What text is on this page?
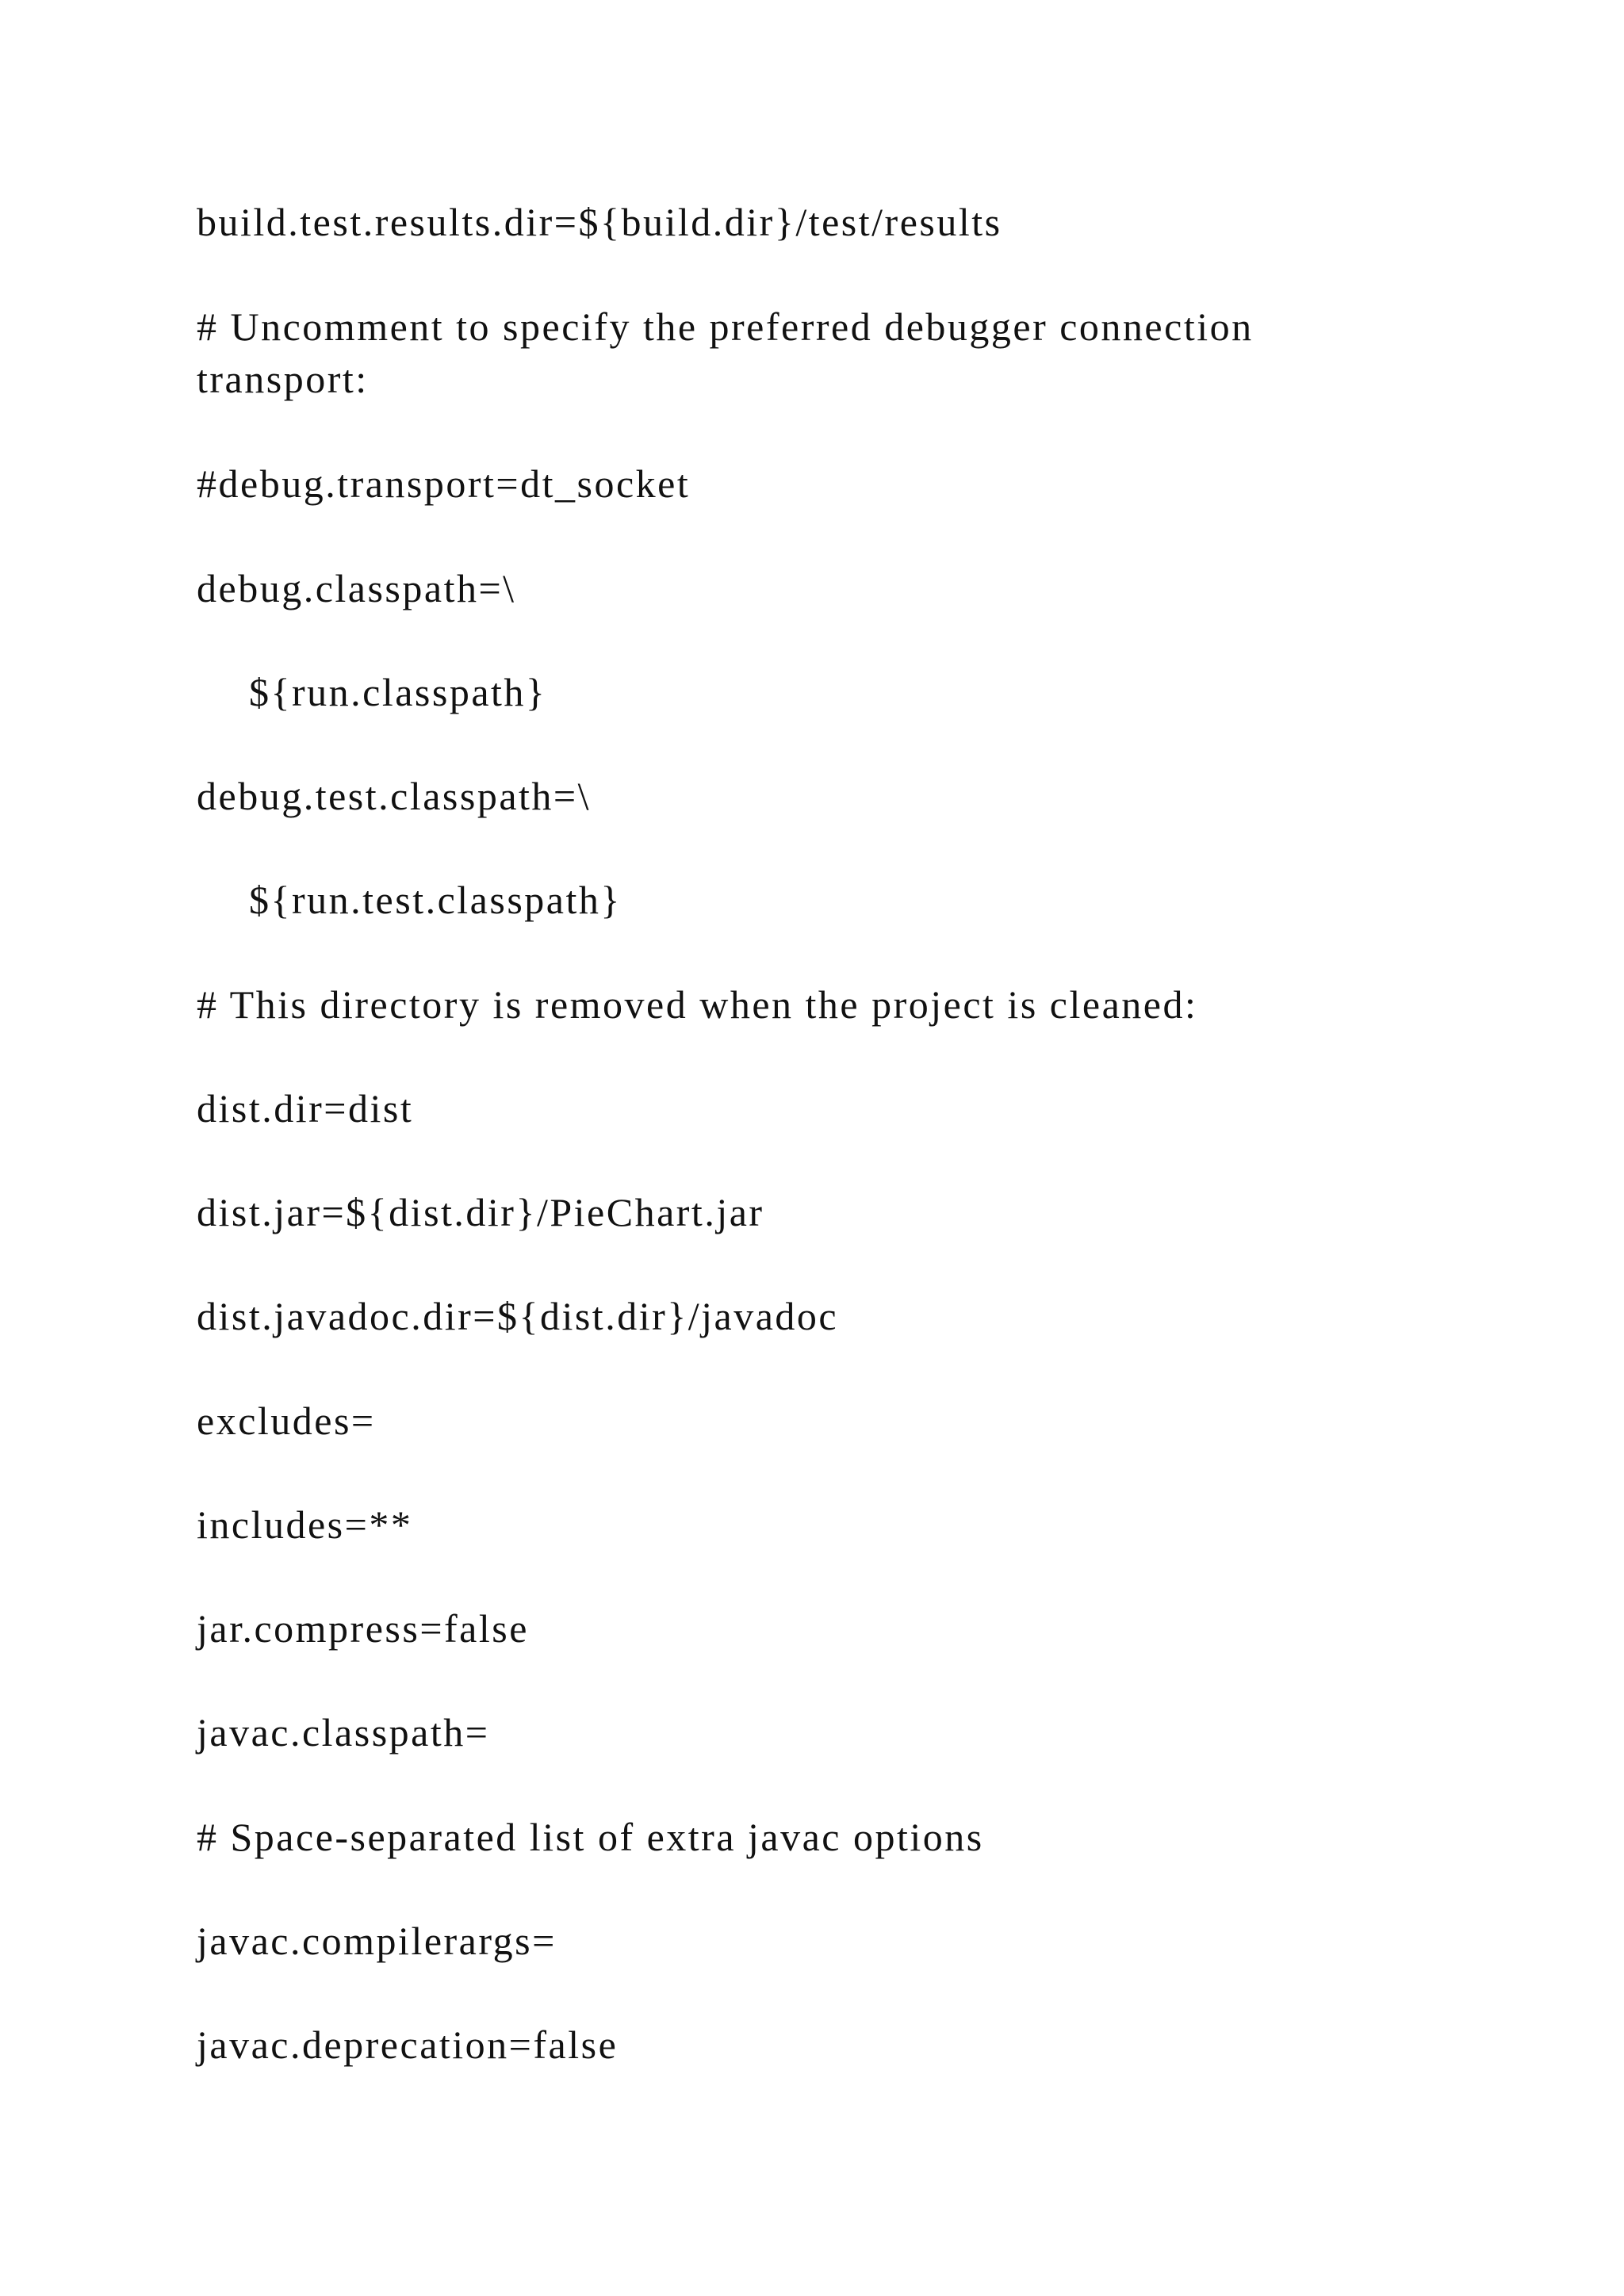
build.test.results.dir=${build.dir}/test/results

# Uncomment to specify the preferred debugger connection transport:

#debug.transport=dt_socket

debug.classpath=\

${run.classpath}

debug.test.classpath=\

${run.test.classpath}

# This directory is removed when the project is cleaned:

dist.dir=dist

dist.jar=${dist.dir}/PieChart.jar

dist.javadoc.dir=${dist.dir}/javadoc

excludes=

includes=**

jar.compress=false

javac.classpath=

# Space-separated list of extra javac options

javac.compilerargs=

javac.deprecation=false
